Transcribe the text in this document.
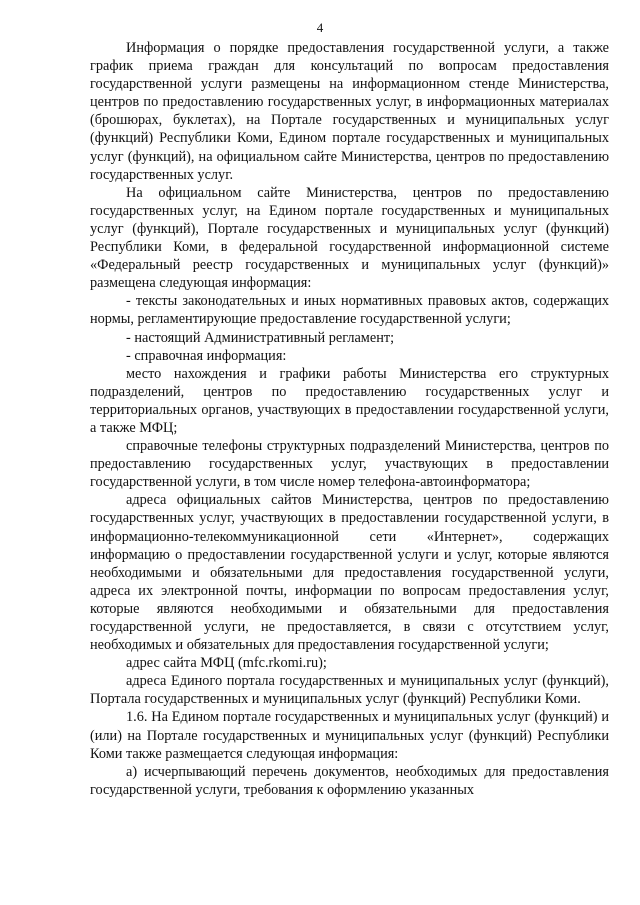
4

Информация о порядке предоставления государственной услуги, а также график приема граждан для консультаций по вопросам предоставления государственной услуги размещены на информационном стенде Министерства, центров по предоставлению государственных услуг, в информационных материалах (брошюрах, буклетах), на Портале государственных и муниципальных услуг (функций) Республики Коми, Едином портале государственных и муниципальных услуг (функций), на официальном сайте Министерства, центров по предоставлению государственных услуг.

На официальном сайте Министерства, центров по предоставлению государственных услуг, на Едином портале государственных и муниципальных услуг (функций), Портале государственных и муниципальных услуг (функций) Республики Коми, в федеральной государственной информационной системе «Федеральный реестр государственных и муниципальных услуг (функций)» размещена следующая информация:

- тексты законодательных и иных нормативных правовых актов, содержащих нормы, регламентирующие предоставление государственной услуги;

- настоящий Административный регламент;

- справочная информация:

место нахождения и графики работы Министерства его структурных подразделений, центров по предоставлению государственных услуг и территориальных органов, участвующих в предоставлении государственной услуги, а также МФЦ;

справочные телефоны структурных подразделений Министерства, центров по предоставлению государственных услуг, участвующих в предоставлении государственной услуги, в том числе номер телефона-автоинформатора;

адреса официальных сайтов Министерства, центров по предоставлению государственных услуг, участвующих в предоставлении государственной услуги, в информационно-телекоммуникационной сети «Интернет», содержащих информацию о предоставлении государственной услуги и услуг, которые являются необходимыми и обязательными для предоставления государственной услуги, адреса их электронной почты, информации по вопросам предоставления услуг, которые являются необходимыми и обязательными для предоставления государственной услуги, не предоставляется, в связи с отсутствием услуг, необходимых и обязательных для предоставления государственной услуги;

адрес сайта МФЦ (mfc.rkomi.ru);

адреса Единого портала государственных и муниципальных услуг (функций), Портала государственных и муниципальных услуг (функций) Республики Коми.

1.6. На Едином портале государственных и муниципальных услуг (функций) и (или) на Портале государственных и муниципальных услуг (функций) Республики Коми также размещается следующая информация:

а) исчерпывающий перечень документов, необходимых для предоставления государственной услуги, требования к оформлению указанных
